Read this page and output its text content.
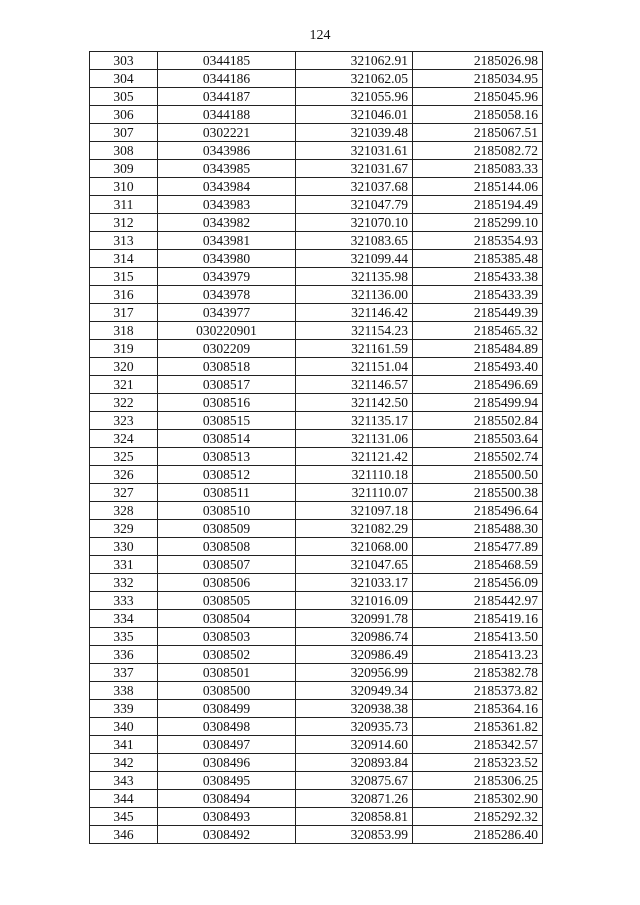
124
303	0344185	321062.91	2185026.98
304	0344186	321062.05	2185034.95
305	0344187	321055.96	2185045.96
306	0344188	321046.01	2185058.16
307	0302221	321039.48	2185067.51
308	0343986	321031.61	2185082.72
309	0343985	321031.67	2185083.33
310	0343984	321037.68	2185144.06
311	0343983	321047.79	2185194.49
312	0343982	321070.10	2185299.10
313	0343981	321083.65	2185354.93
314	0343980	321099.44	2185385.48
315	0343979	321135.98	2185433.38
316	0343978	321136.00	2185433.39
317	0343977	321146.42	2185449.39
318	030220901	321154.23	2185465.32
319	0302209	321161.59	2185484.89
320	0308518	321151.04	2185493.40
321	0308517	321146.57	2185496.69
322	0308516	321142.50	2185499.94
323	0308515	321135.17	2185502.84
324	0308514	321131.06	2185503.64
325	0308513	321121.42	2185502.74
326	0308512	321110.18	2185500.50
327	0308511	321110.07	2185500.38
328	0308510	321097.18	2185496.64
329	0308509	321082.29	2185488.30
330	0308508	321068.00	2185477.89
331	0308507	321047.65	2185468.59
332	0308506	321033.17	2185456.09
333	0308505	321016.09	2185442.97
334	0308504	320991.78	2185419.16
335	0308503	320986.74	2185413.50
336	0308502	320986.49	2185413.23
337	0308501	320956.99	2185382.78
338	0308500	320949.34	2185373.82
339	0308499	320938.38	2185364.16
340	0308498	320935.73	2185361.82
341	0308497	320914.60	2185342.57
342	0308496	320893.84	2185323.52
343	0308495	320875.67	2185306.25
344	0308494	320871.26	2185302.90
345	0308493	320858.81	2185292.32
346	0308492	320853.99	2185286.40
